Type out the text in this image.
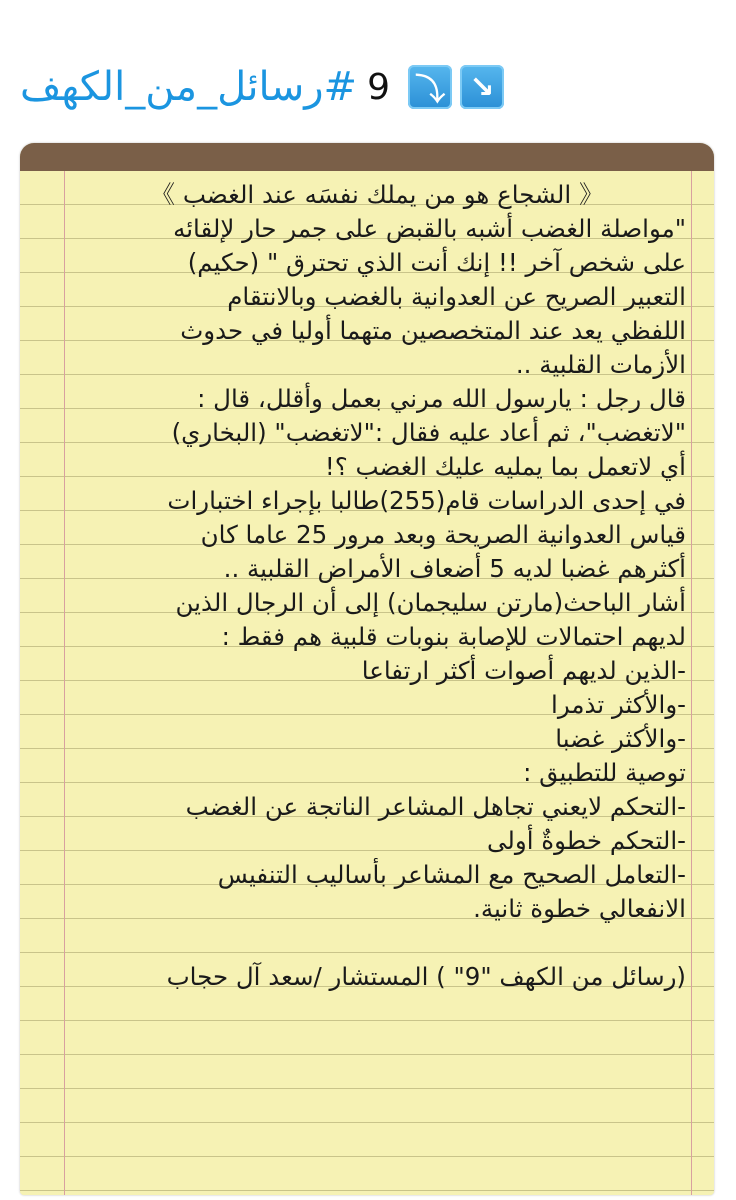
#رسائل_من_الكهف 9 ⤵ ↘
《 الشجاع هو من يملك نفسَه عند الغضب 》
"مواصلة الغضب أشبه بالقبض على جمر حار لإلقائه
على شخص آخر !! إنك أنت الذي تحترق " (حكيم)
التعبير الصريح عن العدوانية بالغضب وبالانتقام
اللفظي يعد عند المتخصصين متهما أوليا في حدوث
الأزمات القلبية ..
قال رجل : يارسول الله مرني بعمل وأقلل، قال :
"لاتغضب"، ثم أعاد عليه فقال :"لاتغضب" (البخاري)
أي لاتعمل بما يمليه عليك الغضب ؟!
في إحدى الدراسات قام(255)طالبا بإجراء اختبارات
قياس العدوانية الصريحة وبعد مرور 25 عاما كان
أكثرهم غضبا لديه 5 أضعاف الأمراض القلبية ..
أشار الباحث(مارتن سليجمان) إلى أن الرجال الذين
لديهم احتمالات للإصابة بنوبات قلبية هم فقط :
-الذين لديهم أصوات أكثر ارتفاعا
-والأكثر تذمرا
-والأكثر غضبا
توصية للتطبيق :
-التحكم لايعني تجاهل المشاعر الناتجة عن الغضب
-التحكم خطوةٌ أولى
-التعامل الصحيح مع المشاعر بأساليب التنفيس
الانفعالي خطوة ثانية.
(رسائل من الكهف "9" ) المستشار /سعد آل حجاب
